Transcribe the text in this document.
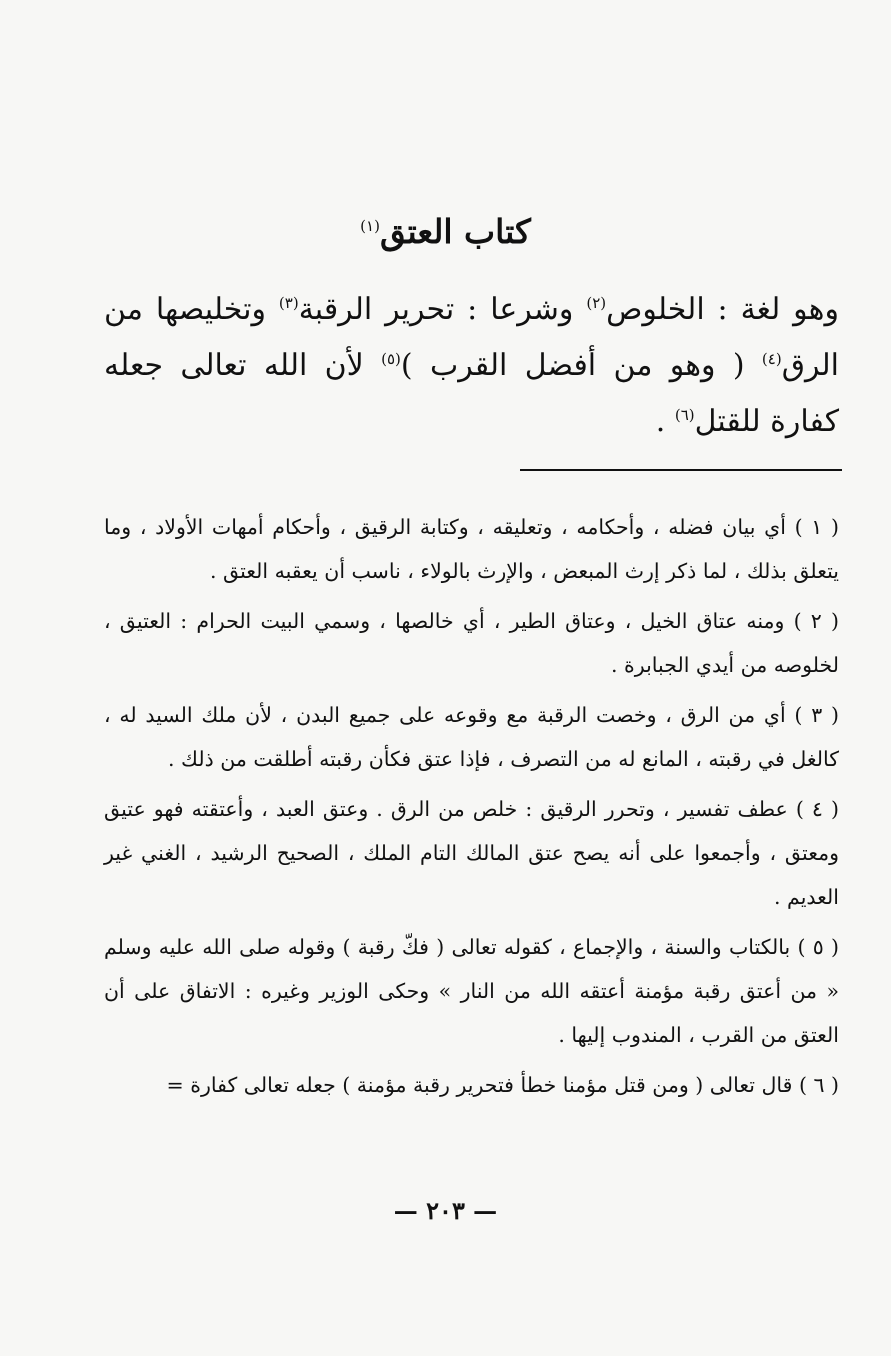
كتاب العتق$^{(١)}$
وهو لغة : الخلوص$^{(٢)}$ وشرعا : تحرير الرقبة$^{(٣)}$ وتخليصها من الرق$^{(٤)}$ ( وهو من أفضل القرب )$^{(٥)}$ لأن الله تعالى جعله كفارة للقتل$^{(٦)}$ .

( ١ ) أي بيان فضله ، وأحكامه ، وتعليقه ، وكتابة الرقيق ، وأحكام أمهات الأولاد ، وما يتعلق بذلك ، لما ذكر إرث المبعض ، والإرث بالولاء ، ناسب أن يعقبه العتق .

( ٢ ) ومنه عتاق الخيل ، وعتاق الطير ، أي خالصها ، وسمي البيت الحرام : العتيق ، لخلوصه من أيدي الجبابرة .

( ٣ ) أي من الرق ، وخصت الرقبة مع وقوعه على جميع البدن ، لأن ملك السيد له ، كالغل في رقبته ، المانع له من التصرف ، فإذا عتق فكأن رقبته أطلقت من ذلك .

( ٤ ) عطف تفسير ، وتحرر الرقيق : خلص من الرق . وعتق العبد ، وأعتقته فهو عتيق ومعتق ، وأجمعوا على أنه يصح عتق المالك التام الملك ، الصحيح الرشيد ، الغني غير العديم .

( ٥ ) بالكتاب والسنة ، والإجماع ، كقوله تعالى ( فكّ رقبة ) وقوله صلى الله عليه وسلم « من أعتق رقبة مؤمنة أعتقه الله من النار » وحكى الوزير وغيره : الاتفاق على أن العتق من القرب ، المندوب إليها .

( ٦ ) قال تعالى ( ومن قتل مؤمنا خطأ فتحرير رقبة مؤمنة ) جعله تعالى كفارة =

— ٢٠٣ —
